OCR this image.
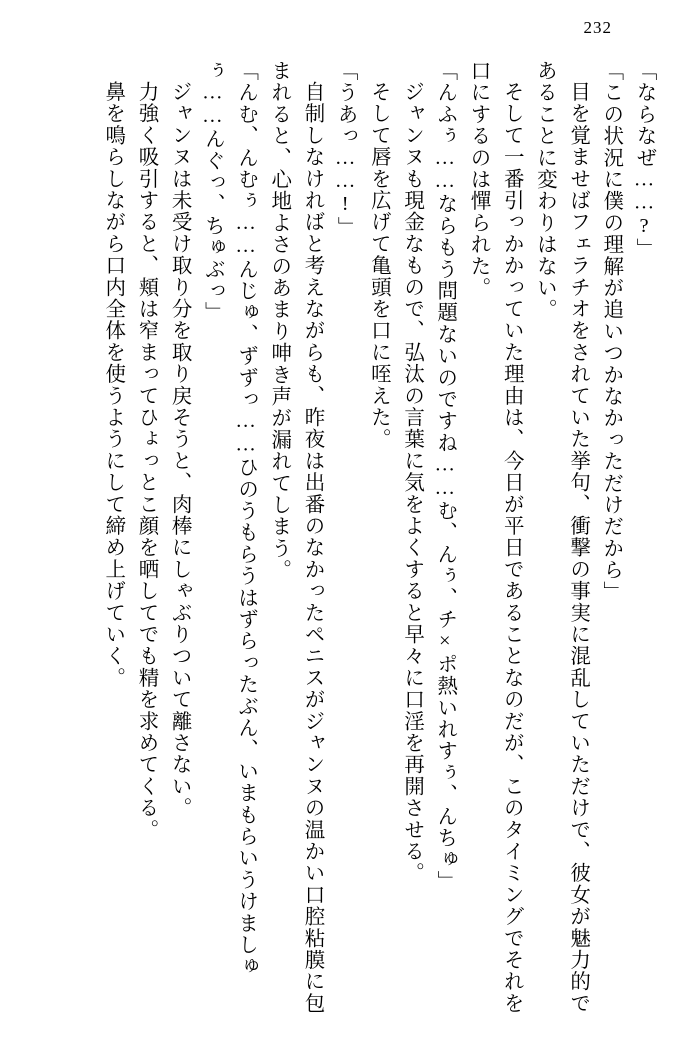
232

「ならなぜ……?」

「この状況に僕の理解が追いつかなかっただけだから」

目を覚ませばフェラチオをされていた挙句、衝撃の事実に混乱していただけで、彼女が魅力的であることに変わりはない。

そして一番引っかかっていた理由は、今日が平日であることなのだが、このタイミングでそれを口にするのは憚られた。

「んふぅ……ならもう問題ないのですね……む、んぅ、チ×ポ熱いれすぅ、んちゅ」

ジャンヌも現金なもので、弘汰の言葉に気をよくすると早々に口淫を再開させる。

そして唇を広げて亀頭を口に咥えた。

「うあっ……!」

自制しなければと考えながらも、昨夜は出番のなかったペニスがジャンヌの温かい口腔粘膜に包まれると、心地よさのあまり呻き声が漏れてしまう。

「んむ、んむぅ……んじゅ、ずずっ……ひのうもらうはずらったぶん、いまもらいうけましゅぅ……んぐっ、ちゅぶっ」

ジャンヌは未受け取り分を取り戻そうと、肉棒にしゃぶりついて離さない。

力強く吸引すると、頬は窄まってひょっとこ顔を晒してでも精を求めてくる。

鼻を鳴らしながら口内全体を使うようにして締め上げていく。
